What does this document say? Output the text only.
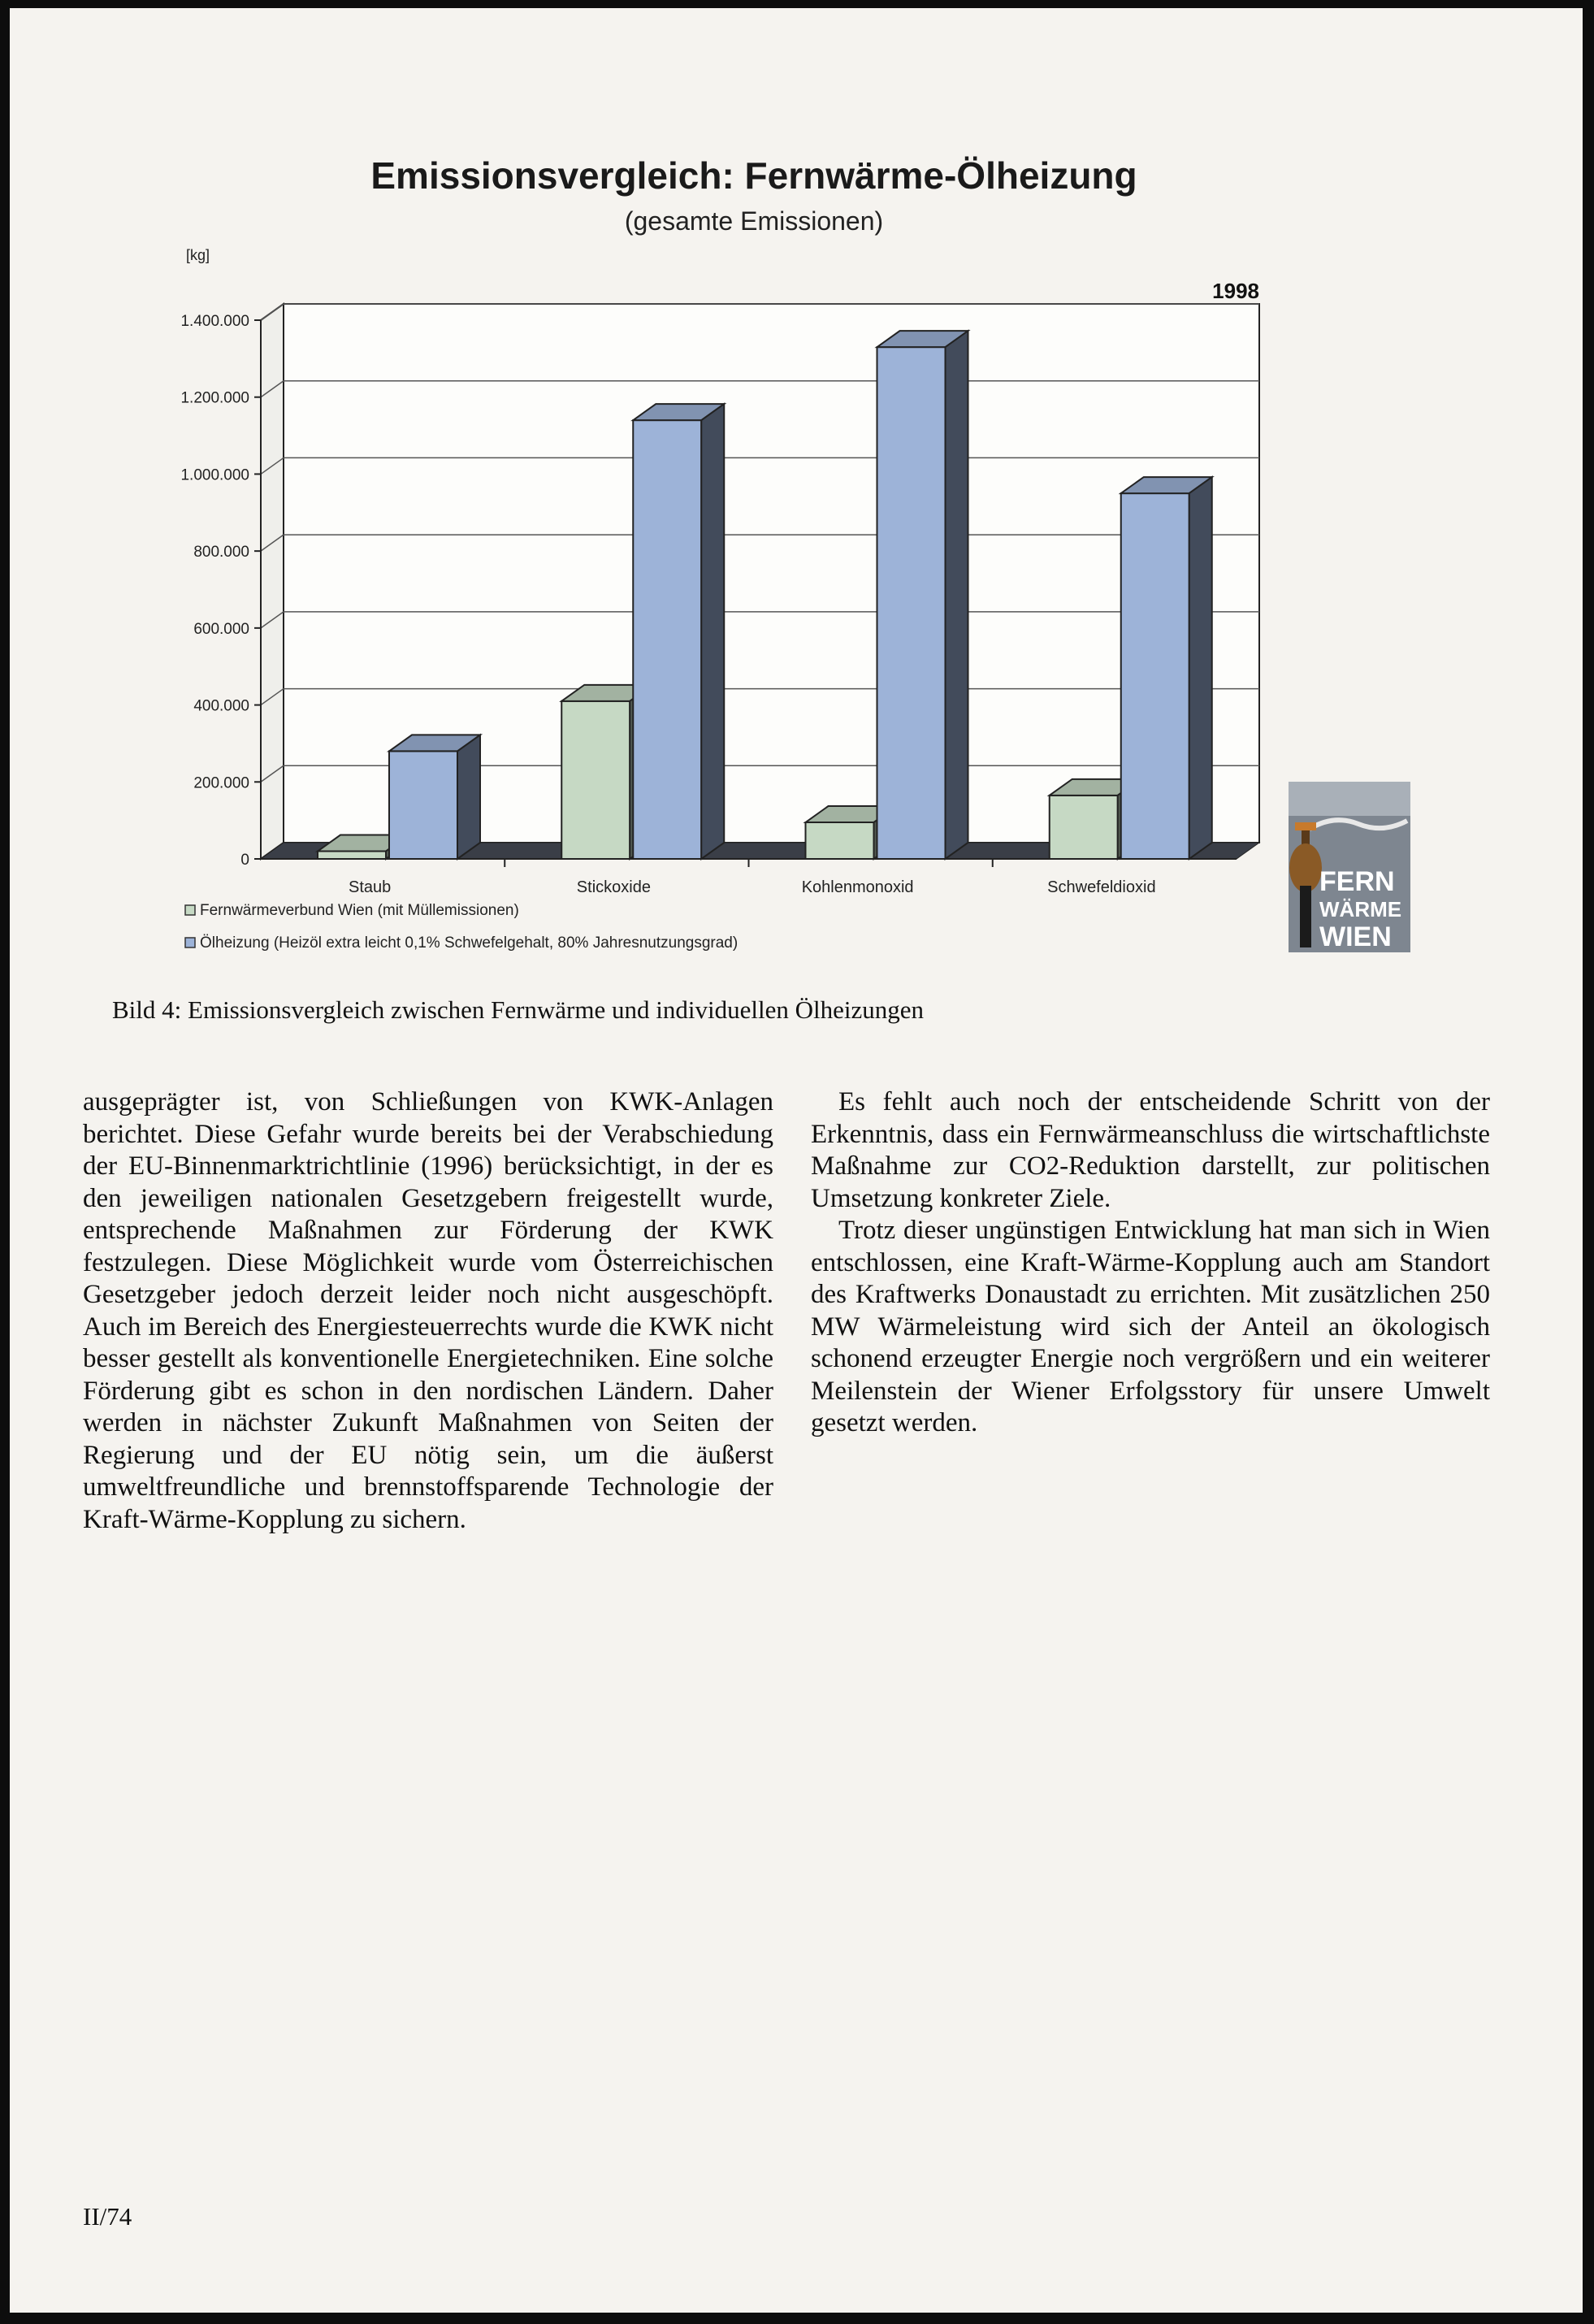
Emissionsvergleich: Fernwärme-Ölheizung
(gesamte Emissionen)
[kg]
1998
0
200.000
400.000
600.000
800.000
1.000.000
1.200.000
1.400.000
Staub	Stickoxide	Kohlenmonoxid	Schwefeldioxid
Fernwärmeverbund Wien (mit Müllemissionen)
Ölheizung (Heizöl extra leicht 0,1% Schwefelgehalt, 80% Jahresnutzungsgrad)
FERN
WÄRME
WIEN
Bild 4: Emissionsvergleich zwischen Fernwärme und individuellen Ölheizungen

ausgeprägter ist, von Schließungen von KWK-Anlagen berichtet. Diese Gefahr wurde bereits bei der Verabschiedung der EU-Binnenmarktrichtlinie (1996) berücksichtigt, in der es den jeweiligen nationalen Gesetzgebern freigestellt wurde, entsprechende Maßnahmen zur Förderung der KWK festzulegen. Diese Möglichkeit wurde vom Österreichischen Gesetzgeber jedoch derzeit leider noch nicht ausgeschöpft. Auch im Bereich des Energiesteuerrechts wurde die KWK nicht besser gestellt als konventionelle Energietechniken. Eine solche Förderung gibt es schon in den nordischen Ländern. Daher werden in nächster Zukunft Maßnahmen von Seiten der Regierung und der EU nötig sein, um die äußerst umweltfreundliche und brennstoffsparende Technologie der Kraft-Wärme-Kopplung zu sichern.

Es fehlt auch noch der entscheidende Schritt von der Erkenntnis, dass ein Fernwärmeanschluss die wirtschaftlichste Maßnahme zur CO2-Reduktion darstellt, zur politischen Umsetzung konkreter Ziele.

Trotz dieser ungünstigen Entwicklung hat man sich in Wien entschlossen, eine Kraft-Wärme-Kopplung auch am Standort des Kraftwerks Donaustadt zu errichten. Mit zusätzlichen 250 MW Wärmeleistung wird sich der Anteil an ökologisch schonend erzeugter Energie noch vergrößern und ein weiterer Meilenstein der Wiener Erfolgsstory für unsere Umwelt gesetzt werden.

II/74
